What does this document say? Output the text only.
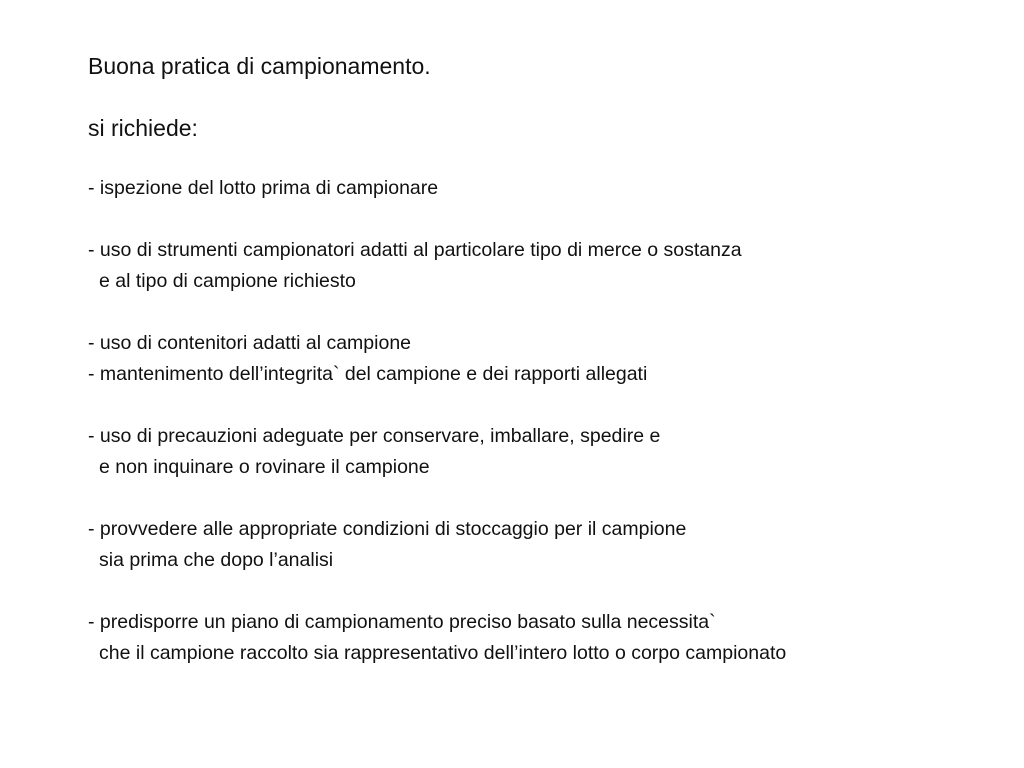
Buona pratica di campionamento.

si richiede:

- ispezione del lotto prima di campionare
- uso di strumenti campionatori adatti al particolare tipo di merce o sostanza
e al tipo di campione richiesto
- uso di contenitori adatti al campione
- mantenimento dell’integrita` del campione e dei rapporti allegati
- uso di precauzioni adeguate per conservare, imballare, spedire e
e non inquinare o rovinare il campione
- provvedere alle appropriate condizioni di stoccaggio per il campione
sia prima che dopo l’analisi
- predisporre un piano di campionamento preciso basato sulla necessita`
che il campione raccolto sia rappresentativo dell’intero lotto o corpo campionato
